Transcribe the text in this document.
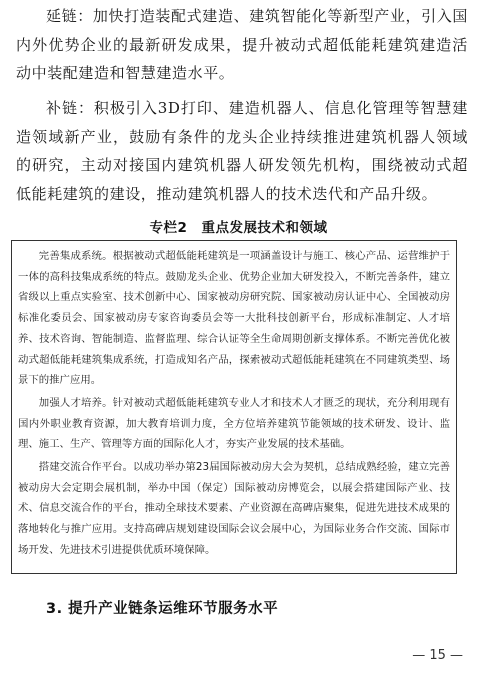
延链：加快打造装配式建造、建筑智能化等新型产业，引入国内外优势企业的最新研发成果，提升被动式超低能耗建筑建造活动中装配建造和智慧建造水平。

补链：积极引入3D打印、建造机器人、信息化管理等智慧建造领域新产业，鼓励有条件的龙头企业持续推进建筑机器人领域的研究，主动对接国内建筑机器人研发领先机构，围绕被动式超低能耗建筑的建设，推动建筑机器人的技术迭代和产品升级。

专栏2　重点发展技术和领域

完善集成系统。根据被动式超低能耗建筑是一项涵盖设计与施工、核心产品、运营维护于一体的高科技集成系统的特点。鼓励龙头企业、优势企业加大研发投入，不断完善条件，建立省级以上重点实验室、技术创新中心、国家被动房研究院、国家被动房认证中心、全国被动房标准化委员会、国家被动房专家咨询委员会等一大批科技创新平台，形成标准制定、人才培养、技术咨询、智能制造、监督监理、综合认证等全生命周期创新支撑体系。不断完善优化被动式超低能耗建筑集成系统，打造成知名产品，探索被动式超低能耗建筑在不同建筑类型、场景下的推广应用。

加强人才培养。针对被动式超低能耗建筑专业人才和技术人才匮乏的现状，充分利用现有国内外职业教育资源，加大教育培训力度，全方位培养建筑节能领域的技术研发、设计、监理、施工、生产、管理等方面的国际化人才，夯实产业发展的技术基础。

搭建交流合作平台。以成功举办第23届国际被动房大会为契机，总结成熟经验，建立完善被动房大会定期会展机制，举办中国（保定）国际被动房博览会，以展会搭建国际产业、技术、信息交流合作的平台，推动全球技术要素、产业资源在高碑店聚集，促进先进技术成果的落地转化与推广应用。支持高碑店规划建设国际会议会展中心，为国际业务合作交流、国际市场开发、先进技术引进提供优质环境保障。

3. 提升产业链条运维环节服务水平
— 15 —
